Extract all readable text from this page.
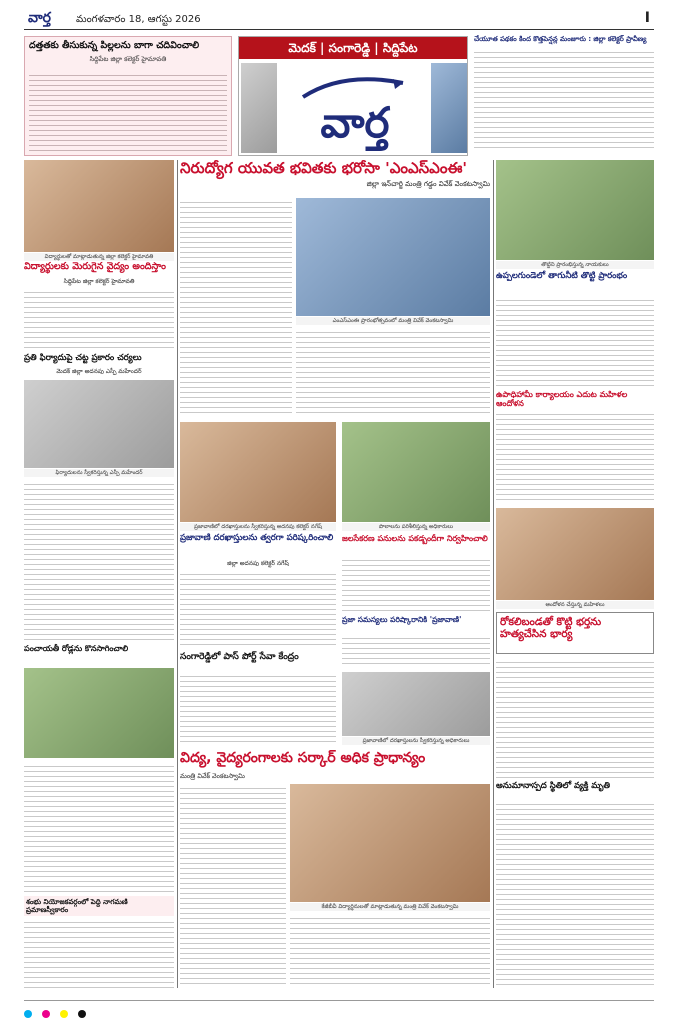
వార్త	మంగళవారం 18, ఆగస్టు 2026	I
దత్తతకు తీసుకున్న పిల్లలను బాగా చదివించాలి
సిద్దిపేట జిల్లా కలెక్టర్ హైమావతి
మెదక్ | సంగారెడ్డి | సిద్దిపేట
వార్త
చేయూత పథకం కింద కొత్తపెన్షన్ల మంజూరు : జిల్లా కలెక్టర్ ప్రావీణ్య
నిరుద్యోగ యువత భవితకు భరోసా 'ఎంఎస్ఎంఈ'
జిల్లా ఇన్‌చార్జి మంత్రి గడ్డం వివేక్ వెంకటస్వామి
విద్యార్థులతో మాట్లాడుతున్న జిల్లా కలెక్టర్ హైమావతి
విద్యార్థులకు మెరుగైన వైద్యం అందిస్తాం
సిద్దిపేట జిల్లా కలెక్టర్ హైమావతి
ప్రతి ఫిర్యాదుపై చట్ట ప్రకారం చర్యలు
మెదక్ జిల్లా అదనపు ఎస్పీ మహేందర్
ఫిర్యాదులను స్వీకరిస్తున్న ఎస్పీ మహేందర్
పంచాయతీ రోడ్లను కొనసాగించాలి
శంభు నియోజకవర్గంలో పెద్ది నాగమణి ప్రమాణస్వీకారం
ఎంఎస్ఎంఈ ప్రారంభోత్సవంలో మంత్రి వివేక్ వెంకటస్వామి
ప్రజావాణిలో దరఖాస్తులను స్వీకరిస్తున్న అదనపు కలెక్టర్ నగేష్
ప్రజావాణి దరఖాస్తులను త్వరగా పరిష్కరించాలి
జిల్లా అదనపు కలెక్టర్ నగేష్
సంగారెడ్డిలో పాస్ పోర్ట్ సేవా కేంద్రం
పొలాలను పరిశీలిస్తున్న అధికారులు
జలసేకరణ పనులను పకడ్బందీగా నిర్వహించాలి
ప్రజా సమస్యలు పరిష్కారానికి 'ప్రజావాణి'
ప్రజావాణిలో దరఖాస్తులను స్వీకరిస్తున్న అధికారులు
విద్య, వైద్యరంగాలకు సర్కార్ అధిక ప్రాధాన్యం
మంత్రి వివేక్ వెంకటస్వామి
కేజీబీవీ విద్యార్థినులతో మాట్లాడుతున్న మంత్రి వివేక్ వెంకటస్వామి
తొట్టిని ప్రారంభిస్తున్న నాయకులు
ఉప్పలగుండెలో తాగునీటి తొట్టి ప్రారంభం
ఉపాధిహామీ కార్యాలయం ఎదుట మహిళల ఆందోళన
ఆందోళన చేస్తున్న మహిళలు
రోకలిబండతో కొట్టి భర్తను హత్యచేసిన భార్య
అనుమానాస్పద స్థితిలో వ్యక్తి మృతి
